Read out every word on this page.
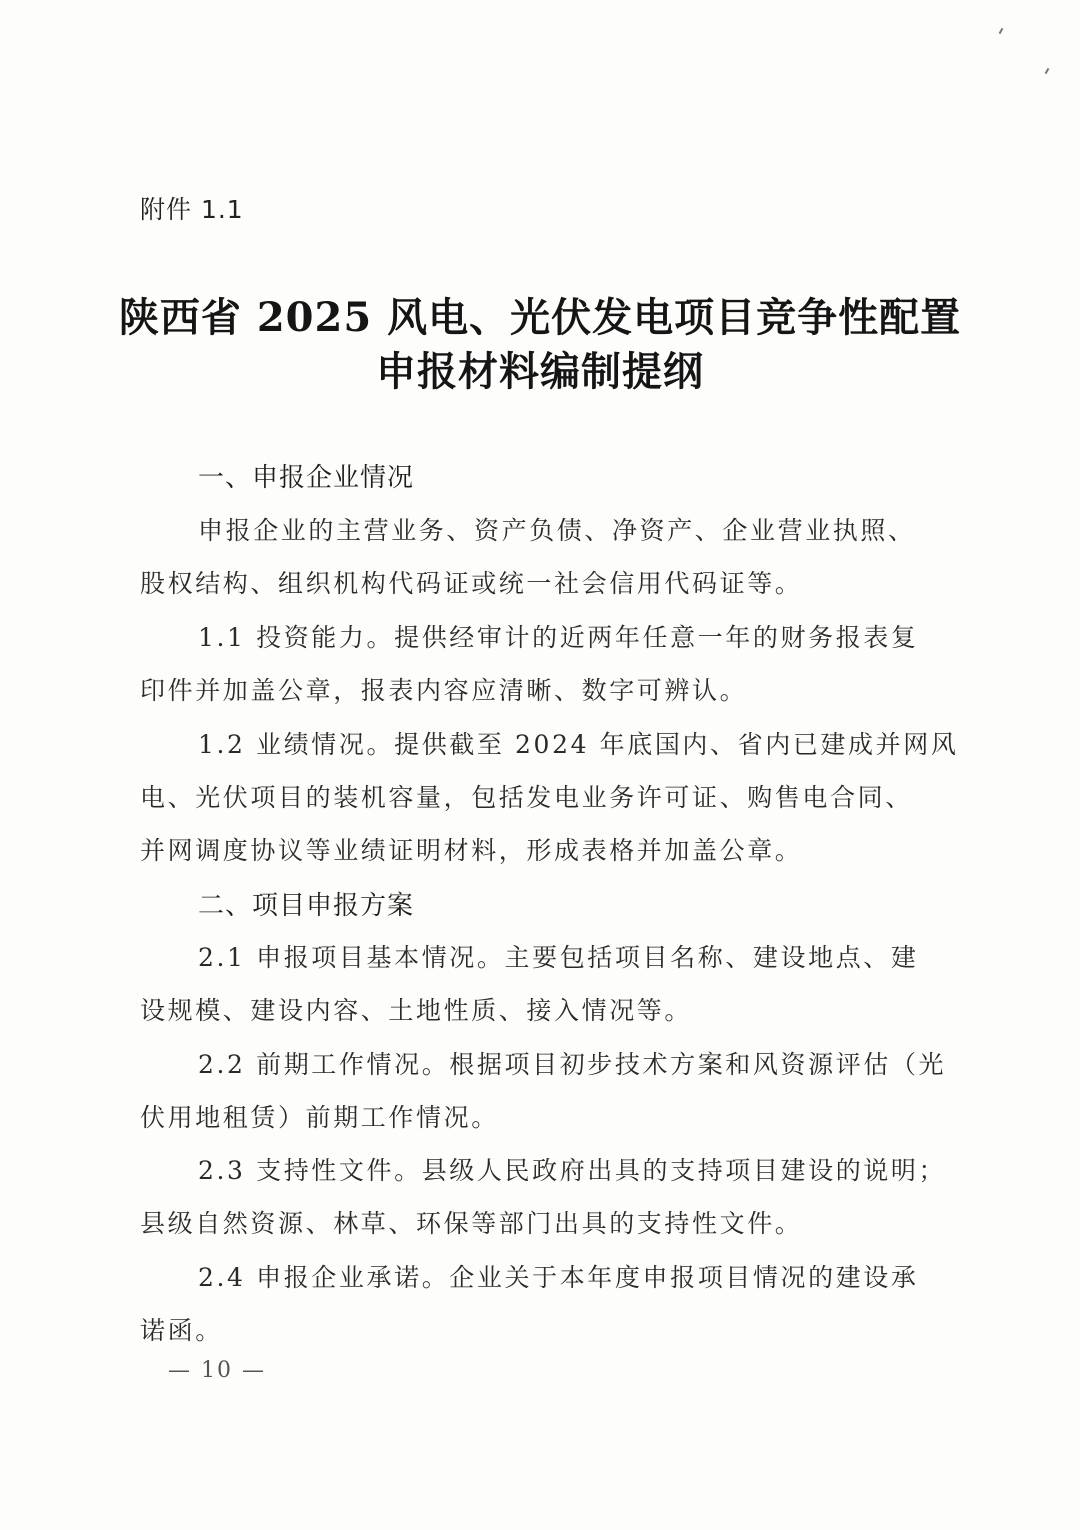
附件 1.1
陕西省 2025 风电、光伏发电项目竞争性配置
申报材料编制提纲
一、申报企业情况
申报企业的主营业务、资产负债、净资产、企业营业执照、
股权结构、组织机构代码证或统一社会信用代码证等。
1.1 投资能力。提供经审计的近两年任意一年的财务报表复
印件并加盖公章，报表内容应清晰、数字可辨认。
1.2 业绩情况。提供截至 2024 年底国内、省内已建成并网风
电、光伏项目的装机容量，包括发电业务许可证、购售电合同、
并网调度协议等业绩证明材料，形成表格并加盖公章。
二、项目申报方案
2.1 申报项目基本情况。主要包括项目名称、建设地点、建
设规模、建设内容、土地性质、接入情况等。
2.2 前期工作情况。根据项目初步技术方案和风资源评估（光
伏用地租赁）前期工作情况。
2.3 支持性文件。县级人民政府出具的支持项目建设的说明；
县级自然资源、林草、环保等部门出具的支持性文件。
2.4 申报企业承诺。企业关于本年度申报项目情况的建设承
诺函。
— 10 —
